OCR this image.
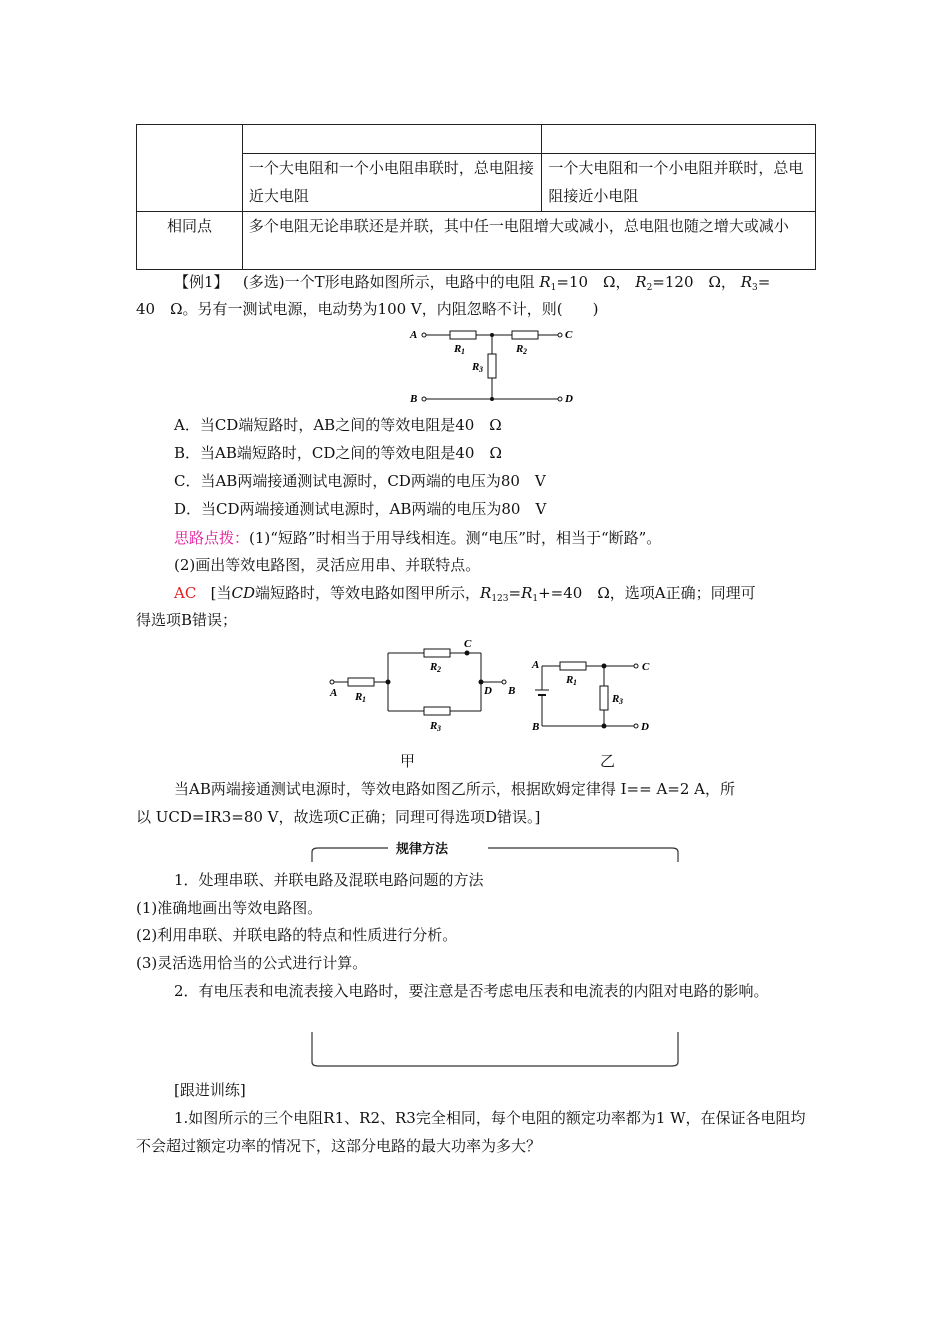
	一个大电阻和一个小电阻串联时，总电阻接近大电阻	一个大电阻和一个小电阻并联时，总电阻接近小电阻
相同点	多个电阻无论串联还是并联，其中任一电阻增大或减小，总电阻也随之增大或减小	
【例1】 (多选)一个T形电路如图所示，电路中的电阻 $R_1=10$　Ω， $R_2=120$　Ω， $R_3=$
40　Ω。另有一测试电源，电动势为100 V，内阻忽略不计，则(　　)
A	C
B	D
R 1	R 2
R 3
A．当CD端短路时，AB之间的等效电阻是40　Ω
B．当AB端短路时，CD之间的等效电阻是40　Ω
C．当AB两端接通测试电源时，CD两端的电压为80　V
D．当CD两端接通测试电源时，AB两端的电压为80　V
思路点拨：(1)“短路”时相当于用导线相连。测“电压”时，相当于“断路”。
(2)画出等效电路图，灵活应用串、并联特点。
AC [当CD端短路时，等效电路如图甲所示，$R_{123}=R_1+=40$　Ω，选项A正确；同理可
得选项B错误；
A R 1
R 2
C
R 3
D B
A
R 1
C
B
R 3
D
甲	乙
当AB两端接通测试电源时，等效电路如图乙所示，根据欧姆定律得 I== A=2 A，所
以 UCD=IR3=80 V，故选项C正确；同理可得选项D错误。]
规律方法
1．处理串联、并联电路及混联电路问题的方法
(1)准确地画出等效电路图。
(2)利用串联、并联电路的特点和性质进行分析。
(3)灵活选用恰当的公式进行计算。
2．有电压表和电流表接入电路时，要注意是否考虑电压表和电流表的内阻对电路的影响。
[跟进训练]
1.如图所示的三个电阻R1、R2、R3完全相同，每个电阻的额定功率都为1 W，在保证各电阻均不会超过额定功率的情况下，这部分电路的最大功率为多大？
